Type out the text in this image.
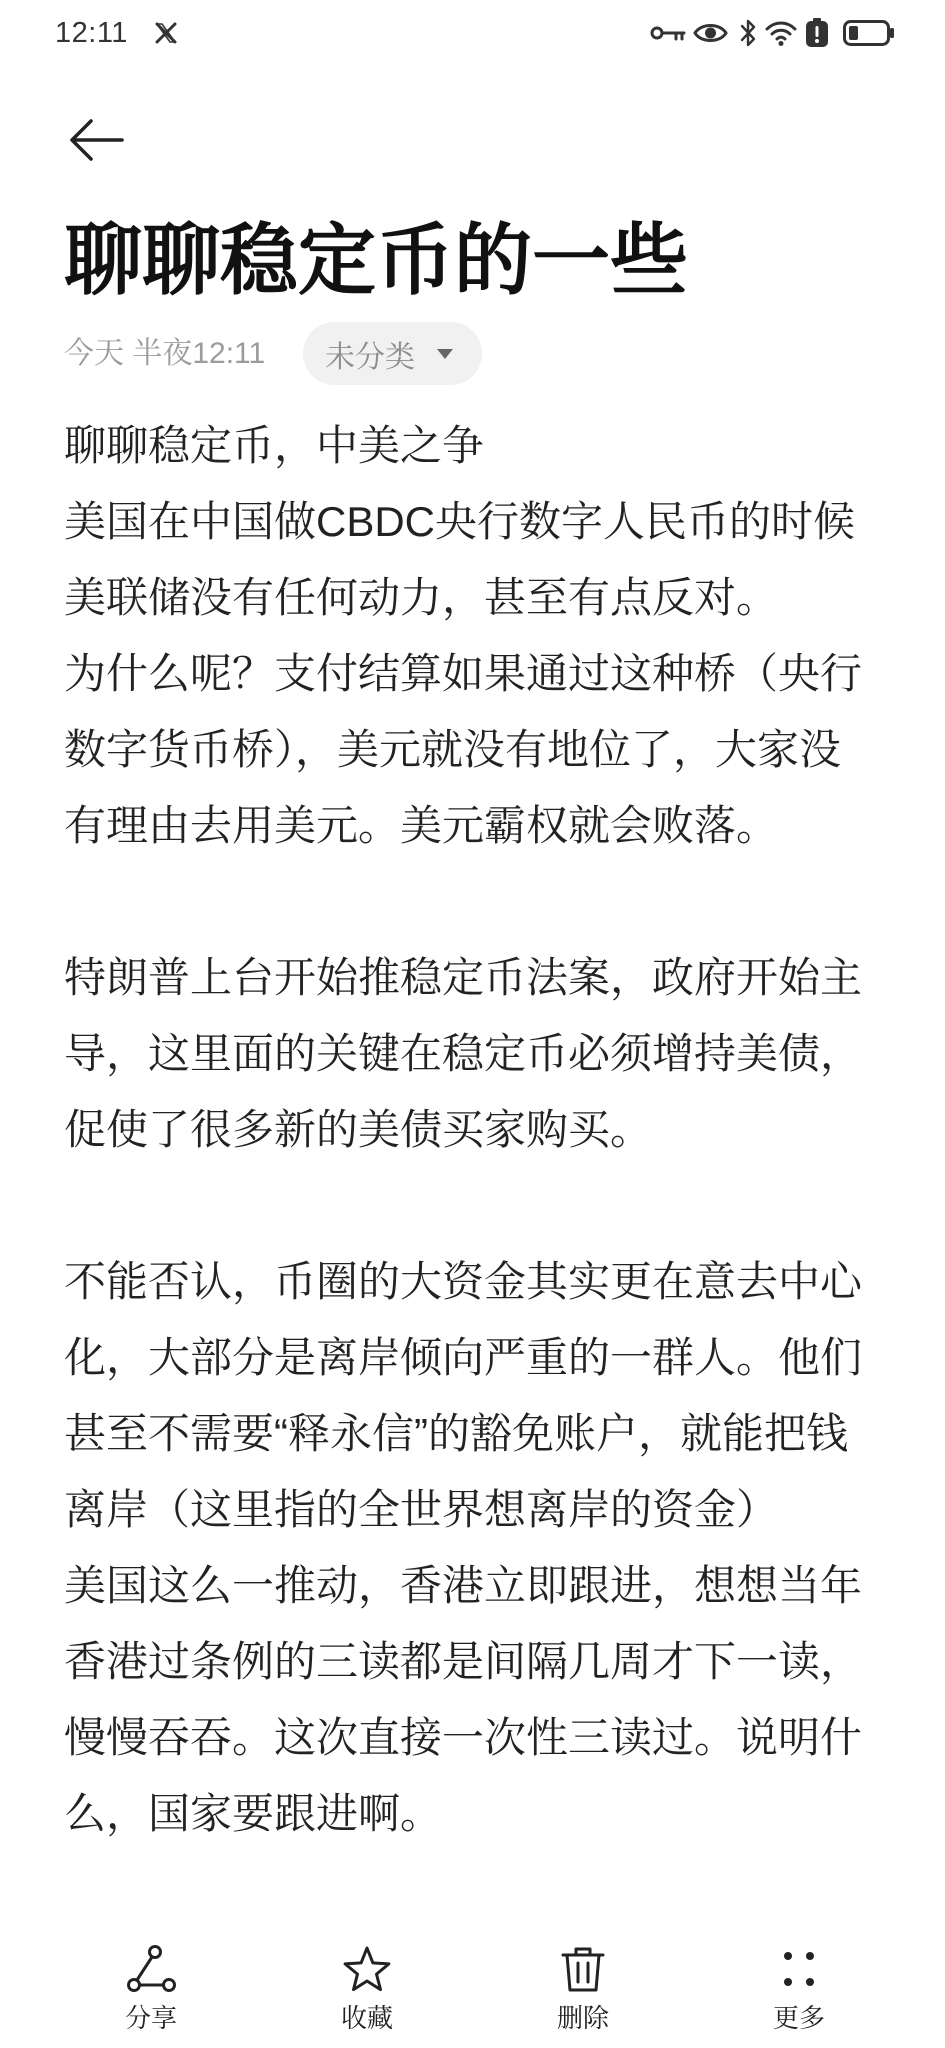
12:11
聊聊稳定币的一些
今天 半夜12:11 未分类
聊聊稳定币，中美之争
美国在中国做CBDC央行数字人民币的时候
美联储没有任何动力，甚至有点反对。
为什么呢？支付结算如果通过这种桥（央行
数字货币桥），美元就没有地位了，大家没
有理由去用美元。美元霸权就会败落。
特朗普上台开始推稳定币法案，政府开始主
导，这里面的关键在稳定币必须增持美债，
促使了很多新的美债买家购买。
不能否认，币圈的大资金其实更在意去中心
化，大部分是离岸倾向严重的一群人。他们
甚至不需要“释永信”的豁免账户，就能把钱
离岸（这里指的全世界想离岸的资金）
美国这么一推动，香港立即跟进，想想当年
香港过条例的三读都是间隔几周才下一读，
慢慢吞吞。这次直接一次性三读过。说明什
么，国家要跟进啊。
分享	收藏	删除	更多
